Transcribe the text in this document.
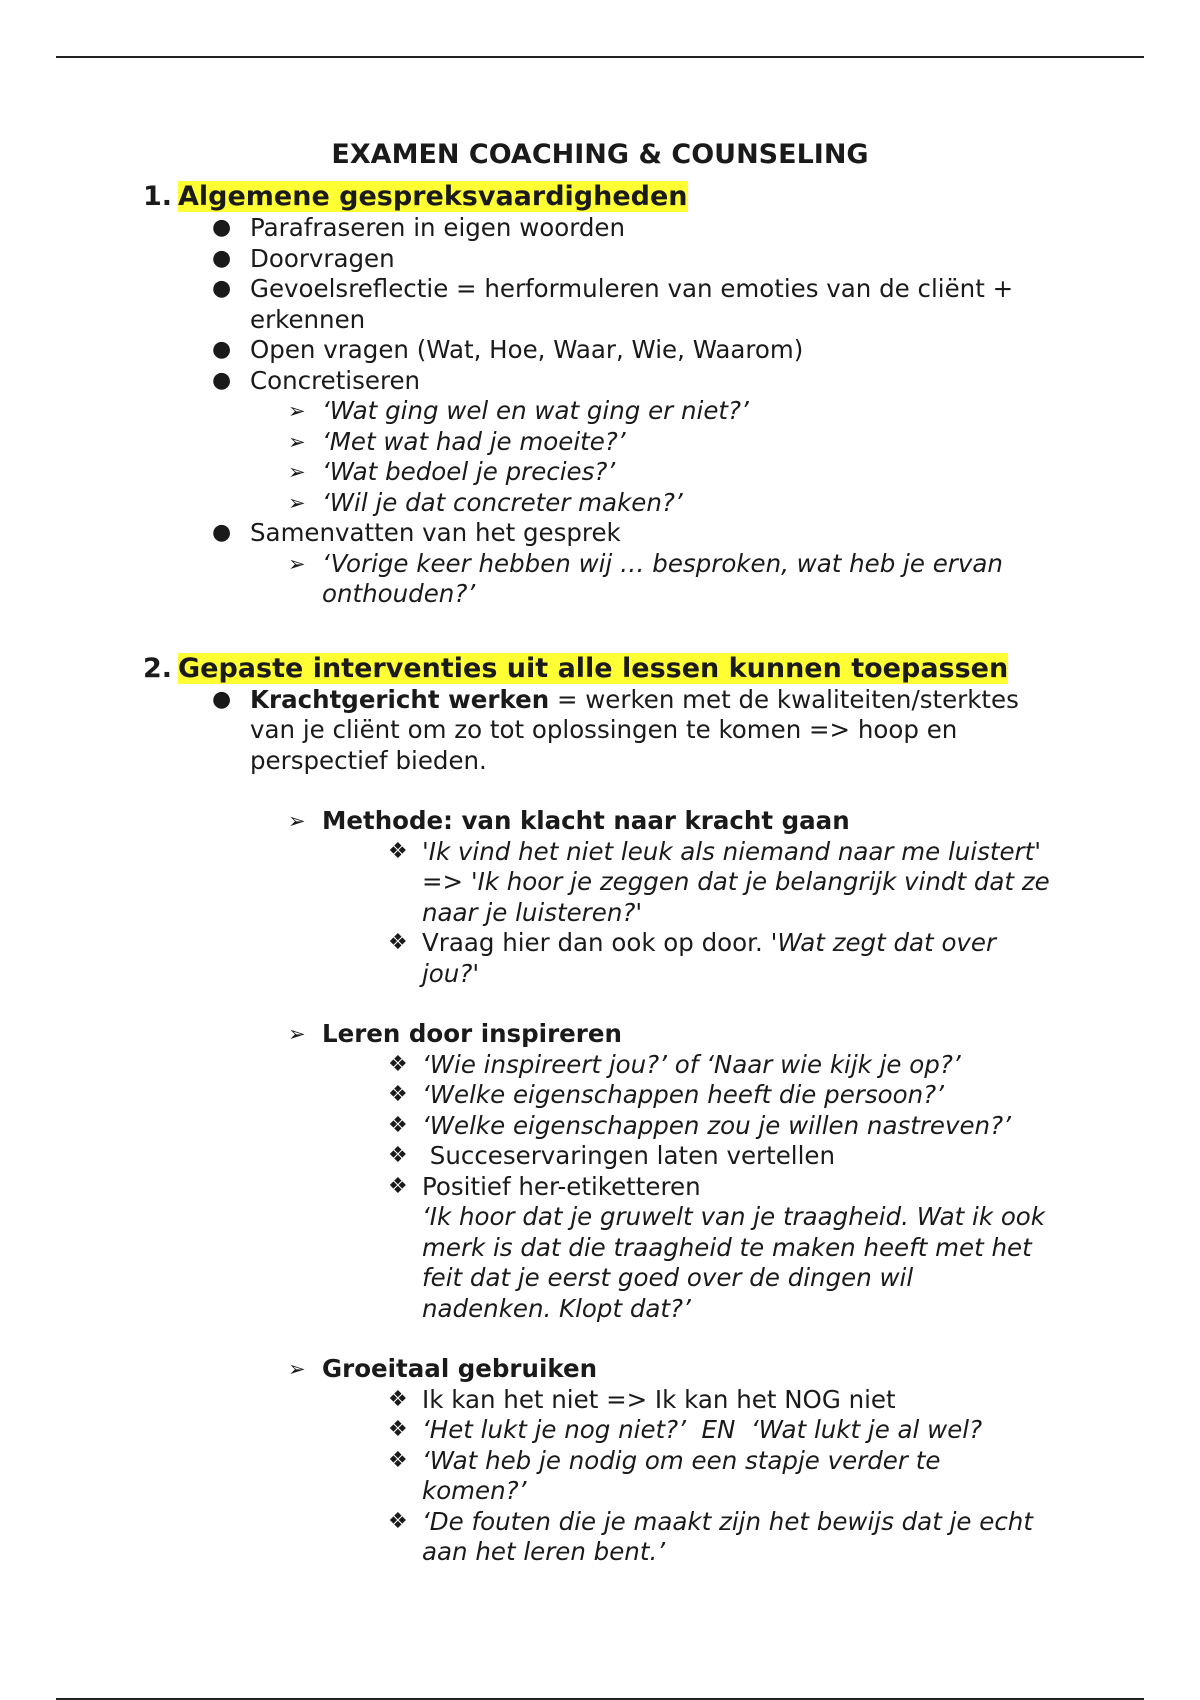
EXAMEN COACHING & COUNSELING
1. Algemene gespreksvaardigheden
● Parafraseren in eigen woorden
● Doorvragen
● Gevoelsreflectie = herformuleren van emoties van de cliënt + erkennen
● Open vragen (Wat, Hoe, Waar, Wie, Waarom)
● Concretiseren
➢ ‘Wat ging wel en wat ging er niet?’
➢ ‘Met wat had je moeite?’
➢ ‘Wat bedoel je precies?’
➢ ‘Wil je dat concreter maken?’
● Samenvatten van het gesprek
➢ ‘Vorige keer hebben wij … besproken, wat heb je ervan onthouden?’
2. Gepaste interventies uit alle lessen kunnen toepassen
● Krachtgericht werken = werken met de kwaliteiten/sterktes van je cliënt om zo tot oplossingen te komen => hoop en perspectief bieden.
➢ Methode: van klacht naar kracht gaan
❖ 'Ik vind het niet leuk als niemand naar me luistert' => 'Ik hoor je zeggen dat je belangrijk vindt dat ze naar je luisteren?'
❖ Vraag hier dan ook op door. 'Wat zegt dat over jou?'
➢ Leren door inspireren
❖ ‘Wie inspireert jou?’ of ‘Naar wie kijk je op?’
❖ ‘Welke eigenschappen heeft die persoon?’
❖ ‘Welke eigenschappen zou je willen nastreven?’
❖ Succeservaringen laten vertellen
❖ Positief her-etiketteren
‘Ik hoor dat je gruwelt van je traagheid. Wat ik ook merk is dat die traagheid te maken heeft met het feit dat je eerst goed over de dingen wil nadenken. Klopt dat?’
➢ Groeitaal gebruiken
❖ Ik kan het niet => Ik kan het NOG niet
❖ ‘Het lukt je nog niet?’  EN  ‘Wat lukt je al wel?
❖ ‘Wat heb je nodig om een stapje verder te komen?’
❖ ‘De fouten die je maakt zijn het bewijs dat je echt aan het leren bent.’
